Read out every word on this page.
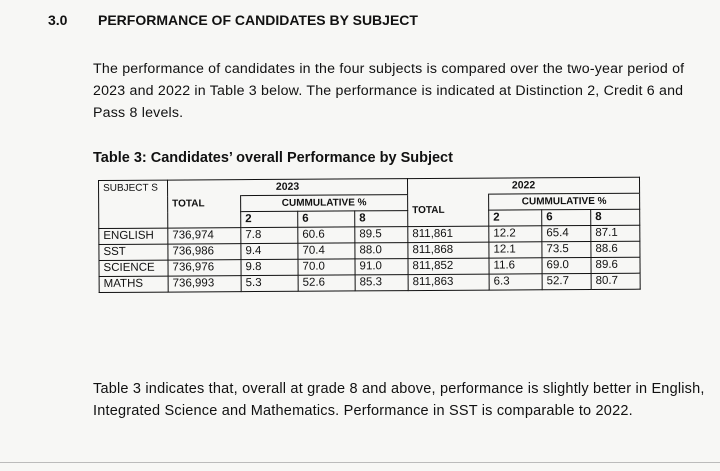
3.0 PERFORMANCE OF CANDIDATES BY SUBJECT
The performance of candidates in the four subjects is compared over the two-year period of 2023 and 2022 in Table 3 below. The performance is indicated at Distinction 2, Credit 6 and Pass 8 levels.
Table 3: Candidates’ overall Performance by Subject
SUBJECT S	2023				2022			
	TOTAL	CUMMULATIVE %			TOTAL	CUMMULATIVE %		
		2	6	8		2	6	8
ENGLISH	736,974	7.8	60.6	89.5	811,861	12.2	65.4	87.1
SST	736,986	9.4	70.4	88.0	811,868	12.1	73.5	88.6
SCIENCE	736,976	9.8	70.0	91.0	811,852	11.6	69.0	89.6
MATHS	736,993	5.3	52.6	85.3	811,863	6.3	52.7	80.7
Table 3 indicates that, overall at grade 8 and above, performance is slightly better in English, Integrated Science and Mathematics. Performance in SST is comparable to 2022.
